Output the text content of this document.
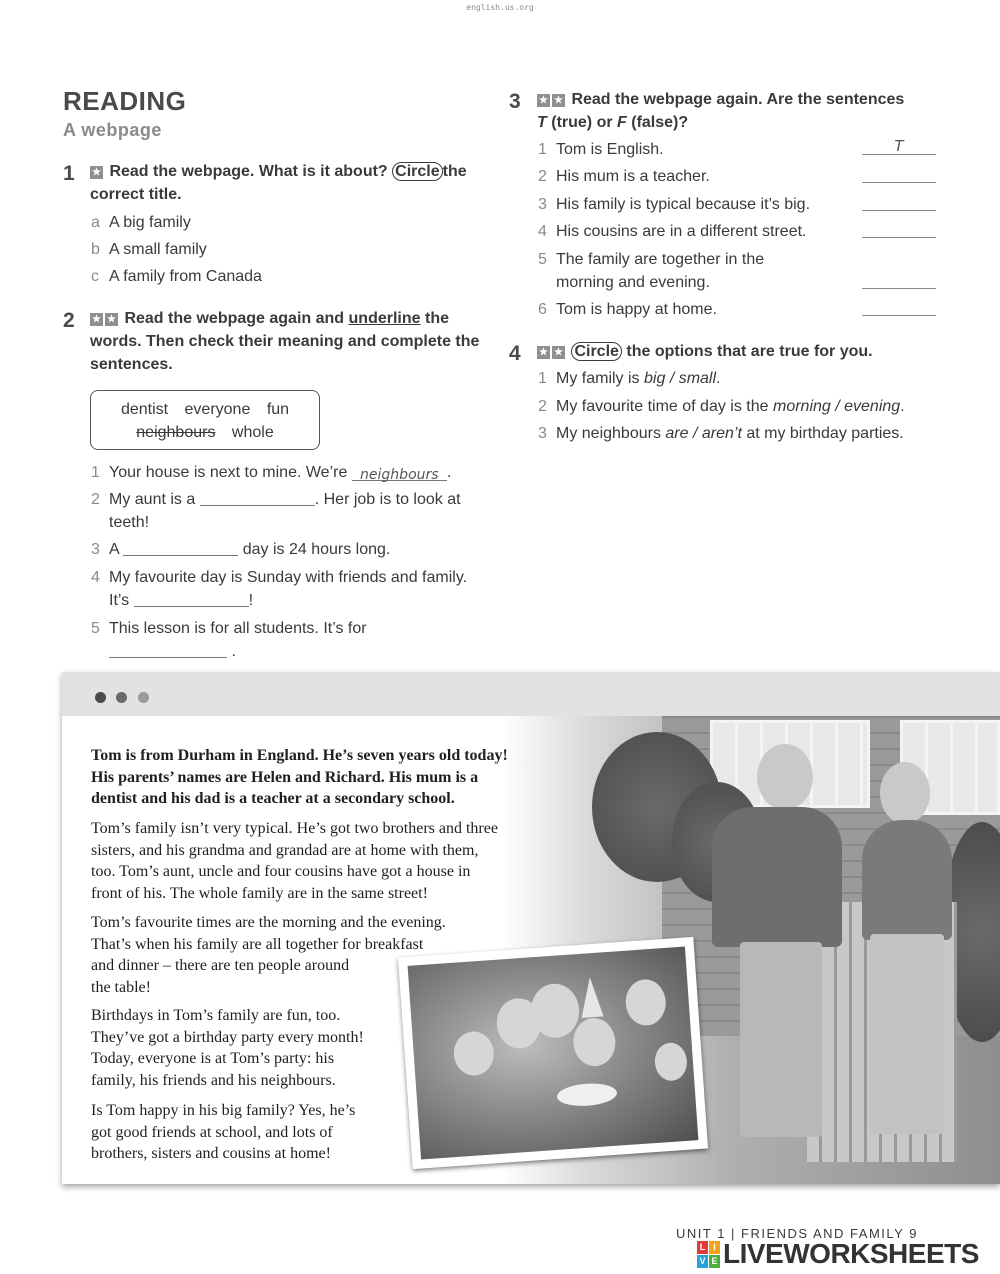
english.us.org
READING
A webpage
1 ★ Read the webpage. What is it about? Circle the
correct title.
a A big family
b A small family
c A family from Canada
2 ★ ★ Read the webpage again and underline the
words. Then check their meaning and complete the
sentences.
dentist everyone fun
neighbours whole
1 Your house is next to mine. We’re neighbours .
2 My aunt is a	. Her job is to look at
teeth!
3 A	day is 24 hours long.
4 My favourite day is Sunday with friends and family.
It’s	!
5 This lesson is for all students. It’s for
.
3 ★ ★ Read the webpage again. Are the sentences
T (true) or F (false)?
1 Tom is English.	T
2 His mum is a teacher.
3 His family is typical because it’s big.
4 His cousins are in a different street.
5 The family are together in the
morning and evening.
6 Tom is happy at home.
4 ★ ★ Circle the options that are true for you.
1 My family is big / small.
2 My favourite time of day is the morning / evening.
3 My neighbours are / aren’t at my birthday parties.
Tom is from Durham in England. He’s seven years old today!
His parents’ names are Helen and Richard. His mum is a
dentist and his dad is a teacher at a secondary school.
Tom’s family isn’t very typical. He’s got two brothers and three
sisters, and his grandma and grandad are at home with them,
too. Tom’s aunt, uncle and four cousins have got a house in
front of his. The whole family are in the same street!
Tom’s favourite times are the morning and the evening.
That’s when his family are all together for breakfast
and dinner – there are ten people around
the table!
Birthdays in Tom’s family are fun, too.
They’ve got a birthday party every month!
Today, everyone is at Tom’s party: his
family, his friends and his neighbours.
Is Tom happy in his big family? Yes, he’s
got good friends at school, and lots of
brothers, sisters and cousins at home!
UNIT 1 | FRIENDS AND FAMILY 9
L I
V E LIVEWORKSHEETS
